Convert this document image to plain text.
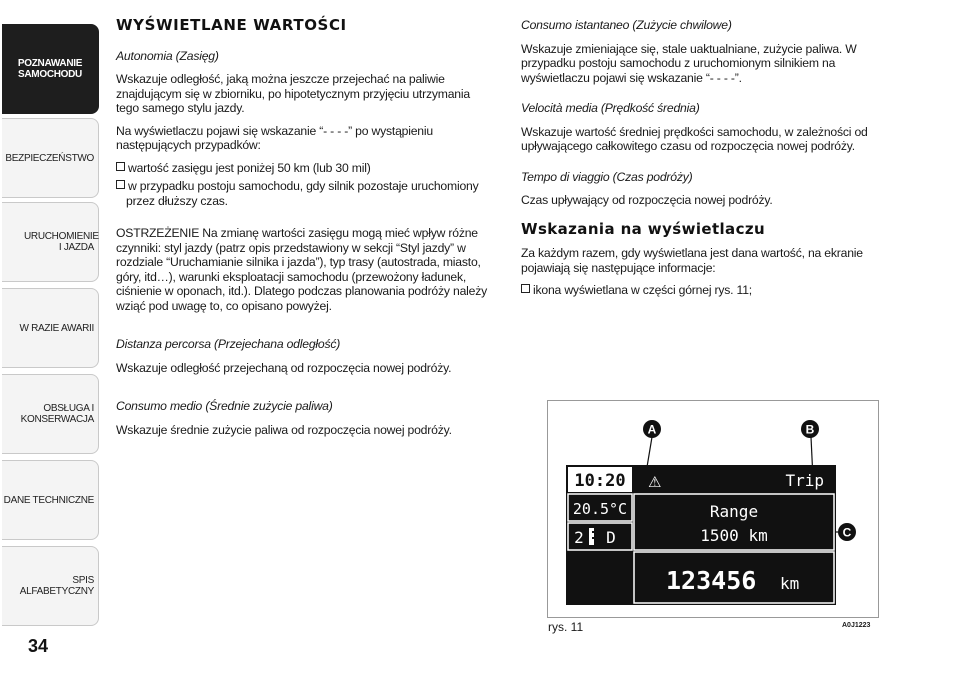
POZNAWANIE SAMOCHODU
BEZPIECZEŃSTWO
URUCHOMIENIE I JAZDA
W RAZIE AWARII
OBSŁUGA I KONSERWACJA
DANE TECHNICZNE
SPIS ALFABETYCZNY
34
WYŚWIETLANE WARTOŚCI
Autonomia (Zasięg)

Wskazuje odległość, jaką można jeszcze przejechać na paliwie znajdującym się w zbiorniku, po hipotetycznym przyjęciu utrzymania tego samego stylu jazdy.

Na wyświetlaczu pojawi się wskazanie “- - - -” po wystąpieniu następujących przypadków:

wartość zasięgu jest poniżej 50 km (lub 30 mil)
w przypadku postoju samochodu, gdy silnik pozostaje uruchomiony przez dłuższy czas.

OSTRZEŻENIE Na zmianę wartości zasięgu mogą mieć wpływ różne czynniki: styl jazdy (patrz opis przedstawiony w sekcji “Styl jazdy” w rozdziale “Uruchamianie silnika i jazda”), typ trasy (autostrada, miasto, góry, itd…), warunki eksploatacji samochodu (przewożony ładunek, ciśnienie w oponach, itd.). Dlatego podczas planowania podróży należy wziąć pod uwagę to, co opisano powyżej.

Distanza percorsa (Przejechana odległość)

Wskazuje odległość przejechaną od rozpoczęcia nowej podróży.

Consumo medio (Średnie zużycie paliwa)

Wskazuje średnie zużycie paliwa od rozpoczęcia nowej podróży.

Consumo istantaneo (Zużycie chwilowe)

Wskazuje zmieniające się, stale uaktualniane, zużycie paliwa. W przypadku postoju samochodu z uruchomionym silnikiem na wyświetlaczu pojawi się wskazanie “- - - -”.

Velocità media (Prędkość średnia)

Wskazuje wartość średniej prędkości samochodu, w zależności od upływającego całkowitego czasu od rozpoczęcia nowej podróży.

Tempo di viaggio (Czas podróży)

Czas upływający od rozpoczęcia nowej podróży.

Wskazania na wyświetlaczu

Za każdym razem, gdy wyświetlana jest dana wartość, na ekranie pojawiają się następujące informacje:

ikona wyświetlana w części górnej rys. 11;
A	B
C
10:20
20.5°C
2 D
⚠	Trip
Range
1500 km
123456 km
rys. 11	A0J1223
